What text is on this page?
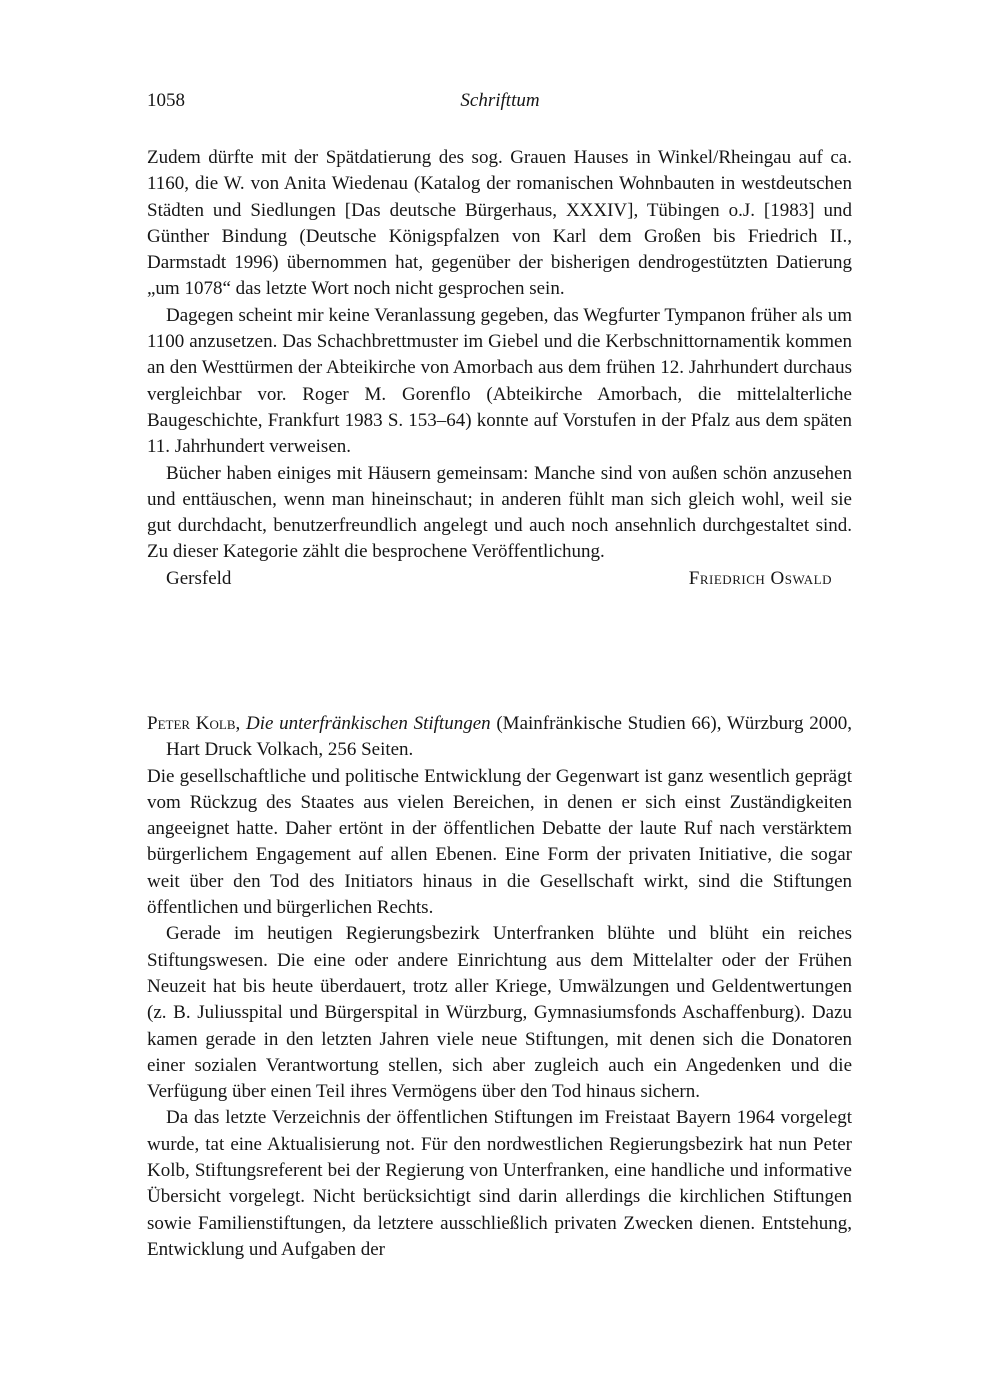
1058	Schrifttum

Zudem dürfte mit der Spätdatierung des sog. Grauen Hauses in Winkel/Rheingau auf ca. 1160, die W. von Anita Wiedenau (Katalog der romanischen Wohnbauten in westdeutschen Städten und Siedlungen [Das deutsche Bürgerhaus, XXXIV], Tübingen o.J. [1983] und Günther Bindung (Deutsche Königspfalzen von Karl dem Großen bis Friedrich II., Darmstadt 1996) übernommen hat, gegenüber der bisherigen dendrogestützten Datierung „um 1078“ das letzte Wort noch nicht gesprochen sein.

Dagegen scheint mir keine Veranlassung gegeben, das Wegfurter Tympanon früher als um 1100 anzusetzen. Das Schachbrettmuster im Giebel und die Kerbschnittornamentik kommen an den Westtürmen der Abteikirche von Amorbach aus dem frühen 12. Jahrhundert durchaus vergleichbar vor. Roger M. Gorenflo (Abteikirche Amorbach, die mittelalterliche Baugeschichte, Frankfurt 1983 S. 153–64) konnte auf Vorstufen in der Pfalz aus dem späten 11. Jahrhundert verweisen.

Bücher haben einiges mit Häusern gemeinsam: Manche sind von außen schön anzusehen und enttäuschen, wenn man hineinschaut; in anderen fühlt man sich gleich wohl, weil sie gut durchdacht, benutzerfreundlich angelegt und auch noch ansehnlich durchgestaltet sind. Zu dieser Kategorie zählt die besprochene Veröffentlichung.

Gersfeld	Friedrich Oswald

Peter Kolb, Die unterfränkischen Stiftungen (Mainfränkische Studien 66), Würzburg 2000, Hart Druck Volkach, 256 Seiten.

Die gesellschaftliche und politische Entwicklung der Gegenwart ist ganz wesentlich geprägt vom Rückzug des Staates aus vielen Bereichen, in denen er sich einst Zuständigkeiten angeeignet hatte. Daher ertönt in der öffentlichen Debatte der laute Ruf nach verstärktem bürgerlichem Engagement auf allen Ebenen. Eine Form der privaten Initiative, die sogar weit über den Tod des Initiators hinaus in die Gesellschaft wirkt, sind die Stiftungen öffentlichen und bürgerlichen Rechts.

Gerade im heutigen Regierungsbezirk Unterfranken blühte und blüht ein reiches Stiftungswesen. Die eine oder andere Einrichtung aus dem Mittelalter oder der Frühen Neuzeit hat bis heute überdauert, trotz aller Kriege, Umwälzungen und Geldentwertungen (z. B. Juliusspital und Bürgerspital in Würzburg, Gymnasiumsfonds Aschaffenburg). Dazu kamen gerade in den letzten Jahren viele neue Stiftungen, mit denen sich die Donatoren einer sozialen Verantwortung stellen, sich aber zugleich auch ein Angedenken und die Verfügung über einen Teil ihres Vermögens über den Tod hinaus sichern.

Da das letzte Verzeichnis der öffentlichen Stiftungen im Freistaat Bayern 1964 vorgelegt wurde, tat eine Aktualisierung not. Für den nordwestlichen Regierungsbezirk hat nun Peter Kolb, Stiftungsreferent bei der Regierung von Unterfranken, eine handliche und informative Übersicht vorgelegt. Nicht berücksichtigt sind darin allerdings die kirchlichen Stiftungen sowie Familienstiftungen, da letztere ausschließlich privaten Zwecken dienen. Entstehung, Entwicklung und Aufgaben der
